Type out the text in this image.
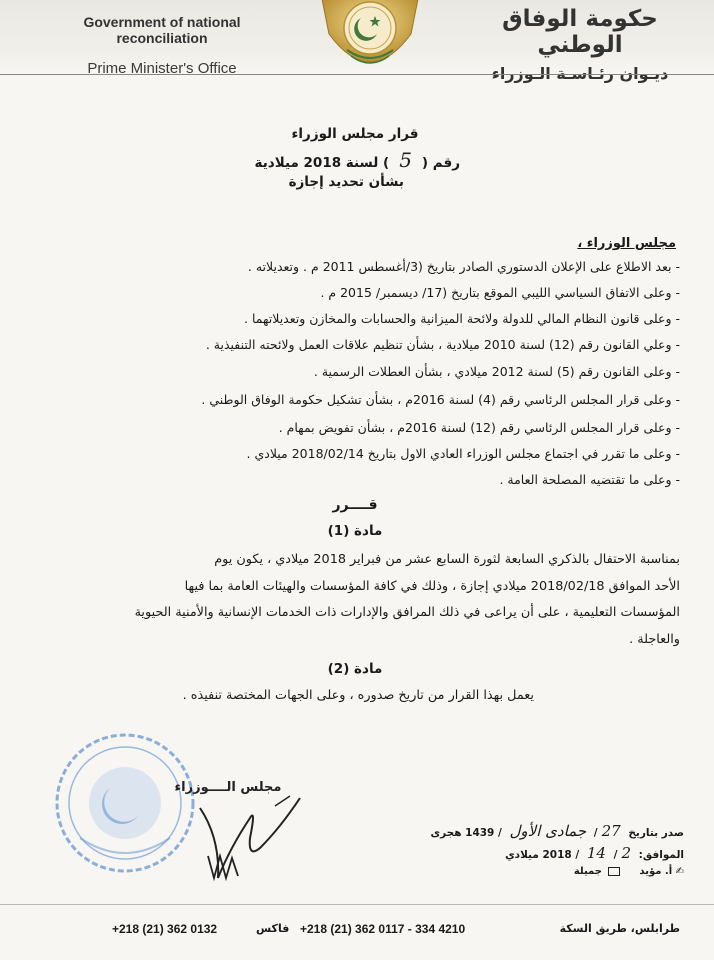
Government of national reconciliation
Prime Minister's Office
حكومة الوفاق الوطني
ديـوان رئـاسـة الـوزراء
قرار مجلس الوزراء
رقم (5) لسنة 2018 ميلادية
بشأن تحديد إجازة
مجلس الوزراء ،
- بعد الاطلاع على الإعلان الدستوري الصادر بتاريخ (3/أغسطس 2011 م . وتعديلاته .
- وعلى الاتفاق السياسي الليبي الموقع بتاريخ (17/ ديسمبر/ 2015 م .
- وعلى قانون النظام المالي للدولة ولائحة الميزانية والحسابات والمخازن وتعديلاتهما .
- وعلي القانون رقم (12) لسنة 2010 ميلادية ، بشأن تنظيم علاقات العمل ولائحته التنفيذية .
- وعلى القانون رقم (5) لسنة 2012 ميلادي ، بشأن العطلات الرسمية .
- وعلى قرار المجلس الرئاسي رقم (4) لسنة 2016م ، بشأن تشكيل حكومة الوفاق الوطني .
- وعلى قرار المجلس الرئاسي رقم (12) لسنة 2016م ، بشأن تفويض بمهام .
- وعلى ما تقرر في اجتماع مجلس الوزراء العادي الاول بتاريخ 2018/02/14 ميلادي .
- وعلى ما تقتضيه المصلحة العامة .
قــــرر
مادة (1)
بمناسبة الاحتفال بالذكري السابعة لثورة السابع عشر من فبراير 2018 ميلادي ، يكون يوم
الأحد الموافق 2018/02/18 ميلادي إجازة ، وذلك في كافة المؤسسات والهيئات العامة بما فيها
المؤسسات التعليمية ، على أن يراعى في ذلك المرافق والإدارات ذات الخدمات الإنسانية والأمنية الحيوية
والعاجلة .
مادة (2)
يعمل بهذا القرار من تاريخ صدوره ، وعلى الجهات المختصة تنفيذه .
مجلس الــــوزراء
صدر بتاريخ 27/ جمادى الأول / 1439 هجرى
الموافق: 2/ 14 / 2018 ميلادي
✍ أ. مؤيد   جميلة
طرابلس، طريق السكة
+218 (21) 362 0117 - 334 4210
فاكس
+218 (21) 362 0132
